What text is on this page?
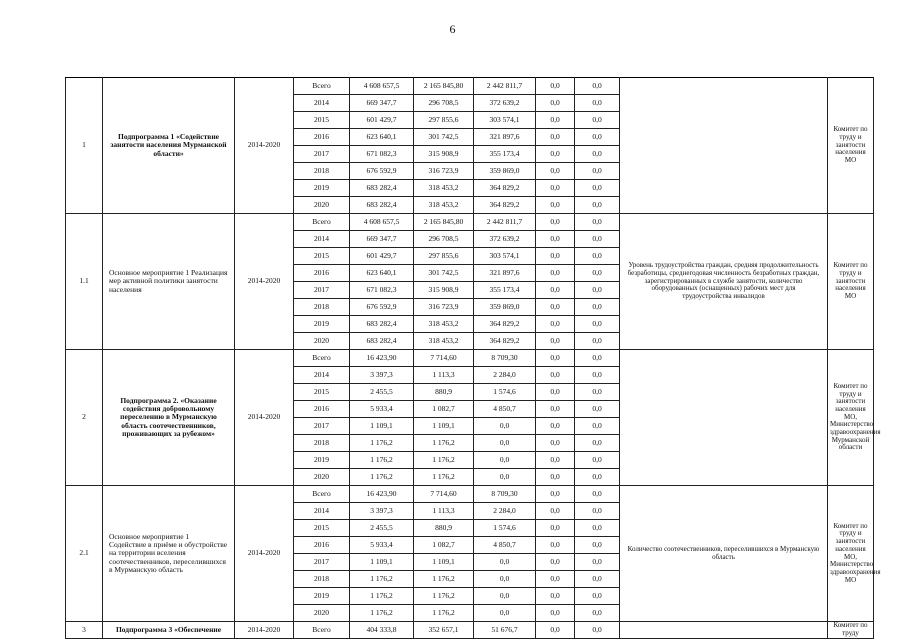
6
1	Подпрограмма 1 «Содействие занятости населения Мурманской области»	2014-2020	Всего	4 608 657,5	2 165 845,80	2 442 811,7	0,0	0,0		Комитет по труду и занятости населения МО
			2014	669 347,7	296 708,5	372 639,2	0,0	0,0		
			2015	601 429,7	297 855,6	303 574,1	0,0	0,0		
			2016	623 640,1	301 742,5	321 897,6	0,0	0,0		
			2017	671 082,3	315 908,9	355 173,4	0,0	0,0		
			2018	676 592,9	316 723,9	359 869,0	0,0	0,0		
			2019	683 282,4	318 453,2	364 829,2	0,0	0,0		
			2020	683 282,4	318 453,2	364 829,2	0,0	0,0		
1.1	Основное мероприятие 1 Реализация мер активной политики занятости населения	2014-2020	Всего	4 608 657,5	2 165 845,80	2 442 811,7	0,0	0,0	Уровень трудоустройства граждан, средняя продолжительность безработицы, среднегодовая численность безработных граждан, зарегистрированных в службе занятости, количество оборудованных (оснащенных) рабочих мест для трудоустройства инвалидов	Комитет по труду и занятости населения МО
			2014	669 347,7	296 708,5	372 639,2	0,0	0,0		
			2015	601 429,7	297 855,6	303 574,1	0,0	0,0		
			2016	623 640,1	301 742,5	321 897,6	0,0	0,0		
			2017	671 082,3	315 908,9	355 173,4	0,0	0,0		
			2018	676 592,9	316 723,9	359 869,0	0,0	0,0		
			2019	683 282,4	318 453,2	364 829,2	0,0	0,0		
			2020	683 282,4	318 453,2	364 829,2	0,0	0,0		
2	Подпрограмма 2. «Оказание содействия добровольному переселению в Мурманскую область соотечественников, проживающих за рубежом»	2014-2020	Всего	16 423,90	7 714,60	8 709,30	0,0	0,0		Комитет по труду и занятости населения МО, Министерство здравоохранения Мурманской области
			2014	3 397,3	1 113,3	2 284,0	0,0	0,0		
			2015	2 455,5	880,9	1 574,6	0,0	0,0		
			2016	5 933,4	1 082,7	4 850,7	0,0	0,0		
			2017	1 109,1	1 109,1	0,0	0,0	0,0		
			2018	1 176,2	1 176,2	0,0	0,0	0,0		
			2019	1 176,2	1 176,2	0,0	0,0	0,0		
			2020	1 176,2	1 176,2	0,0	0,0	0,0		
2.1	Основное мероприятие 1 Содействие в приёме и обустройстве на территории вселения соотечественников, переселившихся в Мурманскую область	2014-2020	Всего	16 423,90	7 714,60	8 709,30	0,0	0,0	Количество соотечественников, переселившихся в Мурманскую область	Комитет по труду и занятости населения МО, Министерство здравоохранения МО
			2014	3 397,3	1 113,3	2 284,0	0,0	0,0		
			2015	2 455,5	880,9	1 574,6	0,0	0,0		
			2016	5 933,4	1 082,7	4 850,7	0,0	0,0		
			2017	1 109,1	1 109,1	0,0	0,0	0,0		
			2018	1 176,2	1 176,2	0,0	0,0	0,0		
			2019	1 176,2	1 176,2	0,0	0,0	0,0		
			2020	1 176,2	1 176,2	0,0	0,0	0,0		
3	Подпрограмма 3 «Обеспечение	2014-2020	Всего	404 333,8	352 657,1	51 676,7	0,0	0,0		Комитет по труду
